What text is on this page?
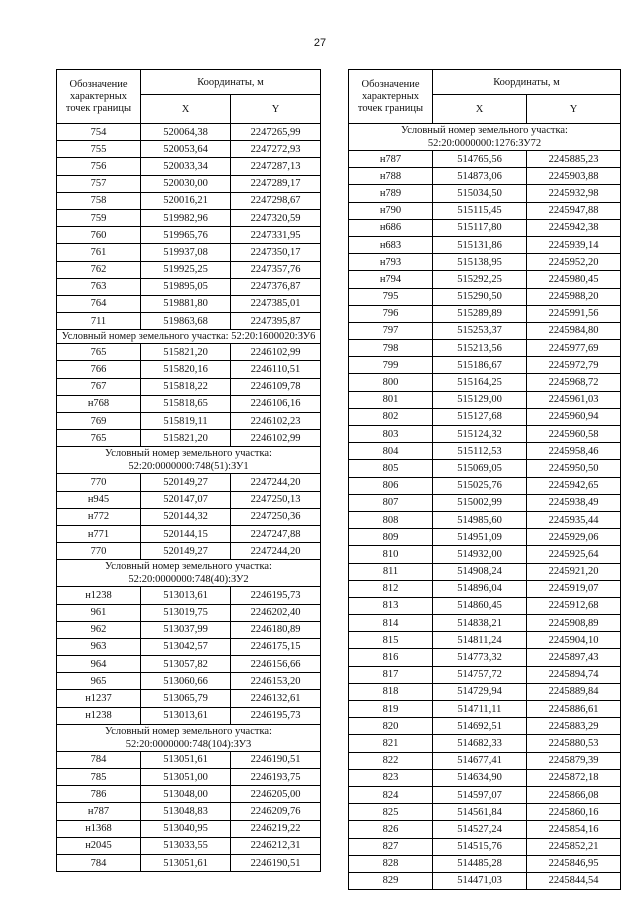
27
Обозначение характерных точек границы	Координаты, м	
	X	Y
754	520064,38	2247265,99
755	520053,64	2247272,93
756	520033,34	2247287,13
757	520030,00	2247289,17
758	520016,21	2247298,67
759	519982,96	2247320,59
760	519965,76	2247331,95
761	519937,08	2247350,17
762	519925,25	2247357,76
763	519895,05	2247376,87
764	519881,80	2247385,01
711	519863,68	2247395,87
Условный номер земельного участка: 52:20:1600020:ЗУ6		
765	515821,20	2246102,99
766	515820,16	2246110,51
767	515818,22	2246109,78
н768	515818,65	2246106,16
769	515819,11	2246102,23
765	515821,20	2246102,99
Условный номер земельного участка: 52:20:0000000:748(51):ЗУ1		
770	520149,27	2247244,20
н945	520147,07	2247250,13
н772	520144,32	2247250,36
н771	520144,15	2247247,88
770	520149,27	2247244,20
Условный номер земельного участка: 52:20:0000000:748(40):ЗУ2		
н1238	513013,61	2246195,73
961	513019,75	2246202,40
962	513037,99	2246180,89
963	513042,57	2246175,15
964	513057,82	2246156,66
965	513060,66	2246153,20
н1237	513065,79	2246132,61
н1238	513013,61	2246195,73
Условный номер земельного участка: 52:20:0000000:748(104):ЗУ3		
784	513051,61	2246190,51
785	513051,00	2246193,75
786	513048,00	2246205,00
н787	513048,83	2246209,76
н1368	513040,95	2246219,22
н2045	513033,55	2246212,31
784	513051,61	2246190,51
Обозначение характерных точек границы	Координаты, м	
	X	Y
Условный номер земельного участка: 52:20:0000000:1276:ЗУ72		
н787	514765,56	2245885,23
н788	514873,06	2245903,88
н789	515034,50	2245932,98
н790	515115,45	2245947,88
н686	515117,80	2245942,38
н683	515131,86	2245939,14
н793	515138,95	2245952,20
н794	515292,25	2245980,45
795	515290,50	2245988,20
796	515289,89	2245991,56
797	515253,37	2245984,80
798	515213,56	2245977,69
799	515186,67	2245972,79
800	515164,25	2245968,72
801	515129,00	2245961,03
802	515127,68	2245960,94
803	515124,32	2245960,58
804	515112,53	2245958,46
805	515069,05	2245950,50
806	515025,76	2245942,65
807	515002,99	2245938,49
808	514985,60	2245935,44
809	514951,09	2245929,06
810	514932,00	2245925,64
811	514908,24	2245921,20
812	514896,04	2245919,07
813	514860,45	2245912,68
814	514838,21	2245908,89
815	514811,24	2245904,10
816	514773,32	2245897,43
817	514757,72	2245894,74
818	514729,94	2245889,84
819	514711,11	2245886,61
820	514692,51	2245883,29
821	514682,33	2245880,53
822	514677,41	2245879,39
823	514634,90	2245872,18
824	514597,07	2245866,08
825	514561,84	2245860,16
826	514527,24	2245854,16
827	514515,76	2245852,21
828	514485,28	2245846,95
829	514471,03	2245844,54
